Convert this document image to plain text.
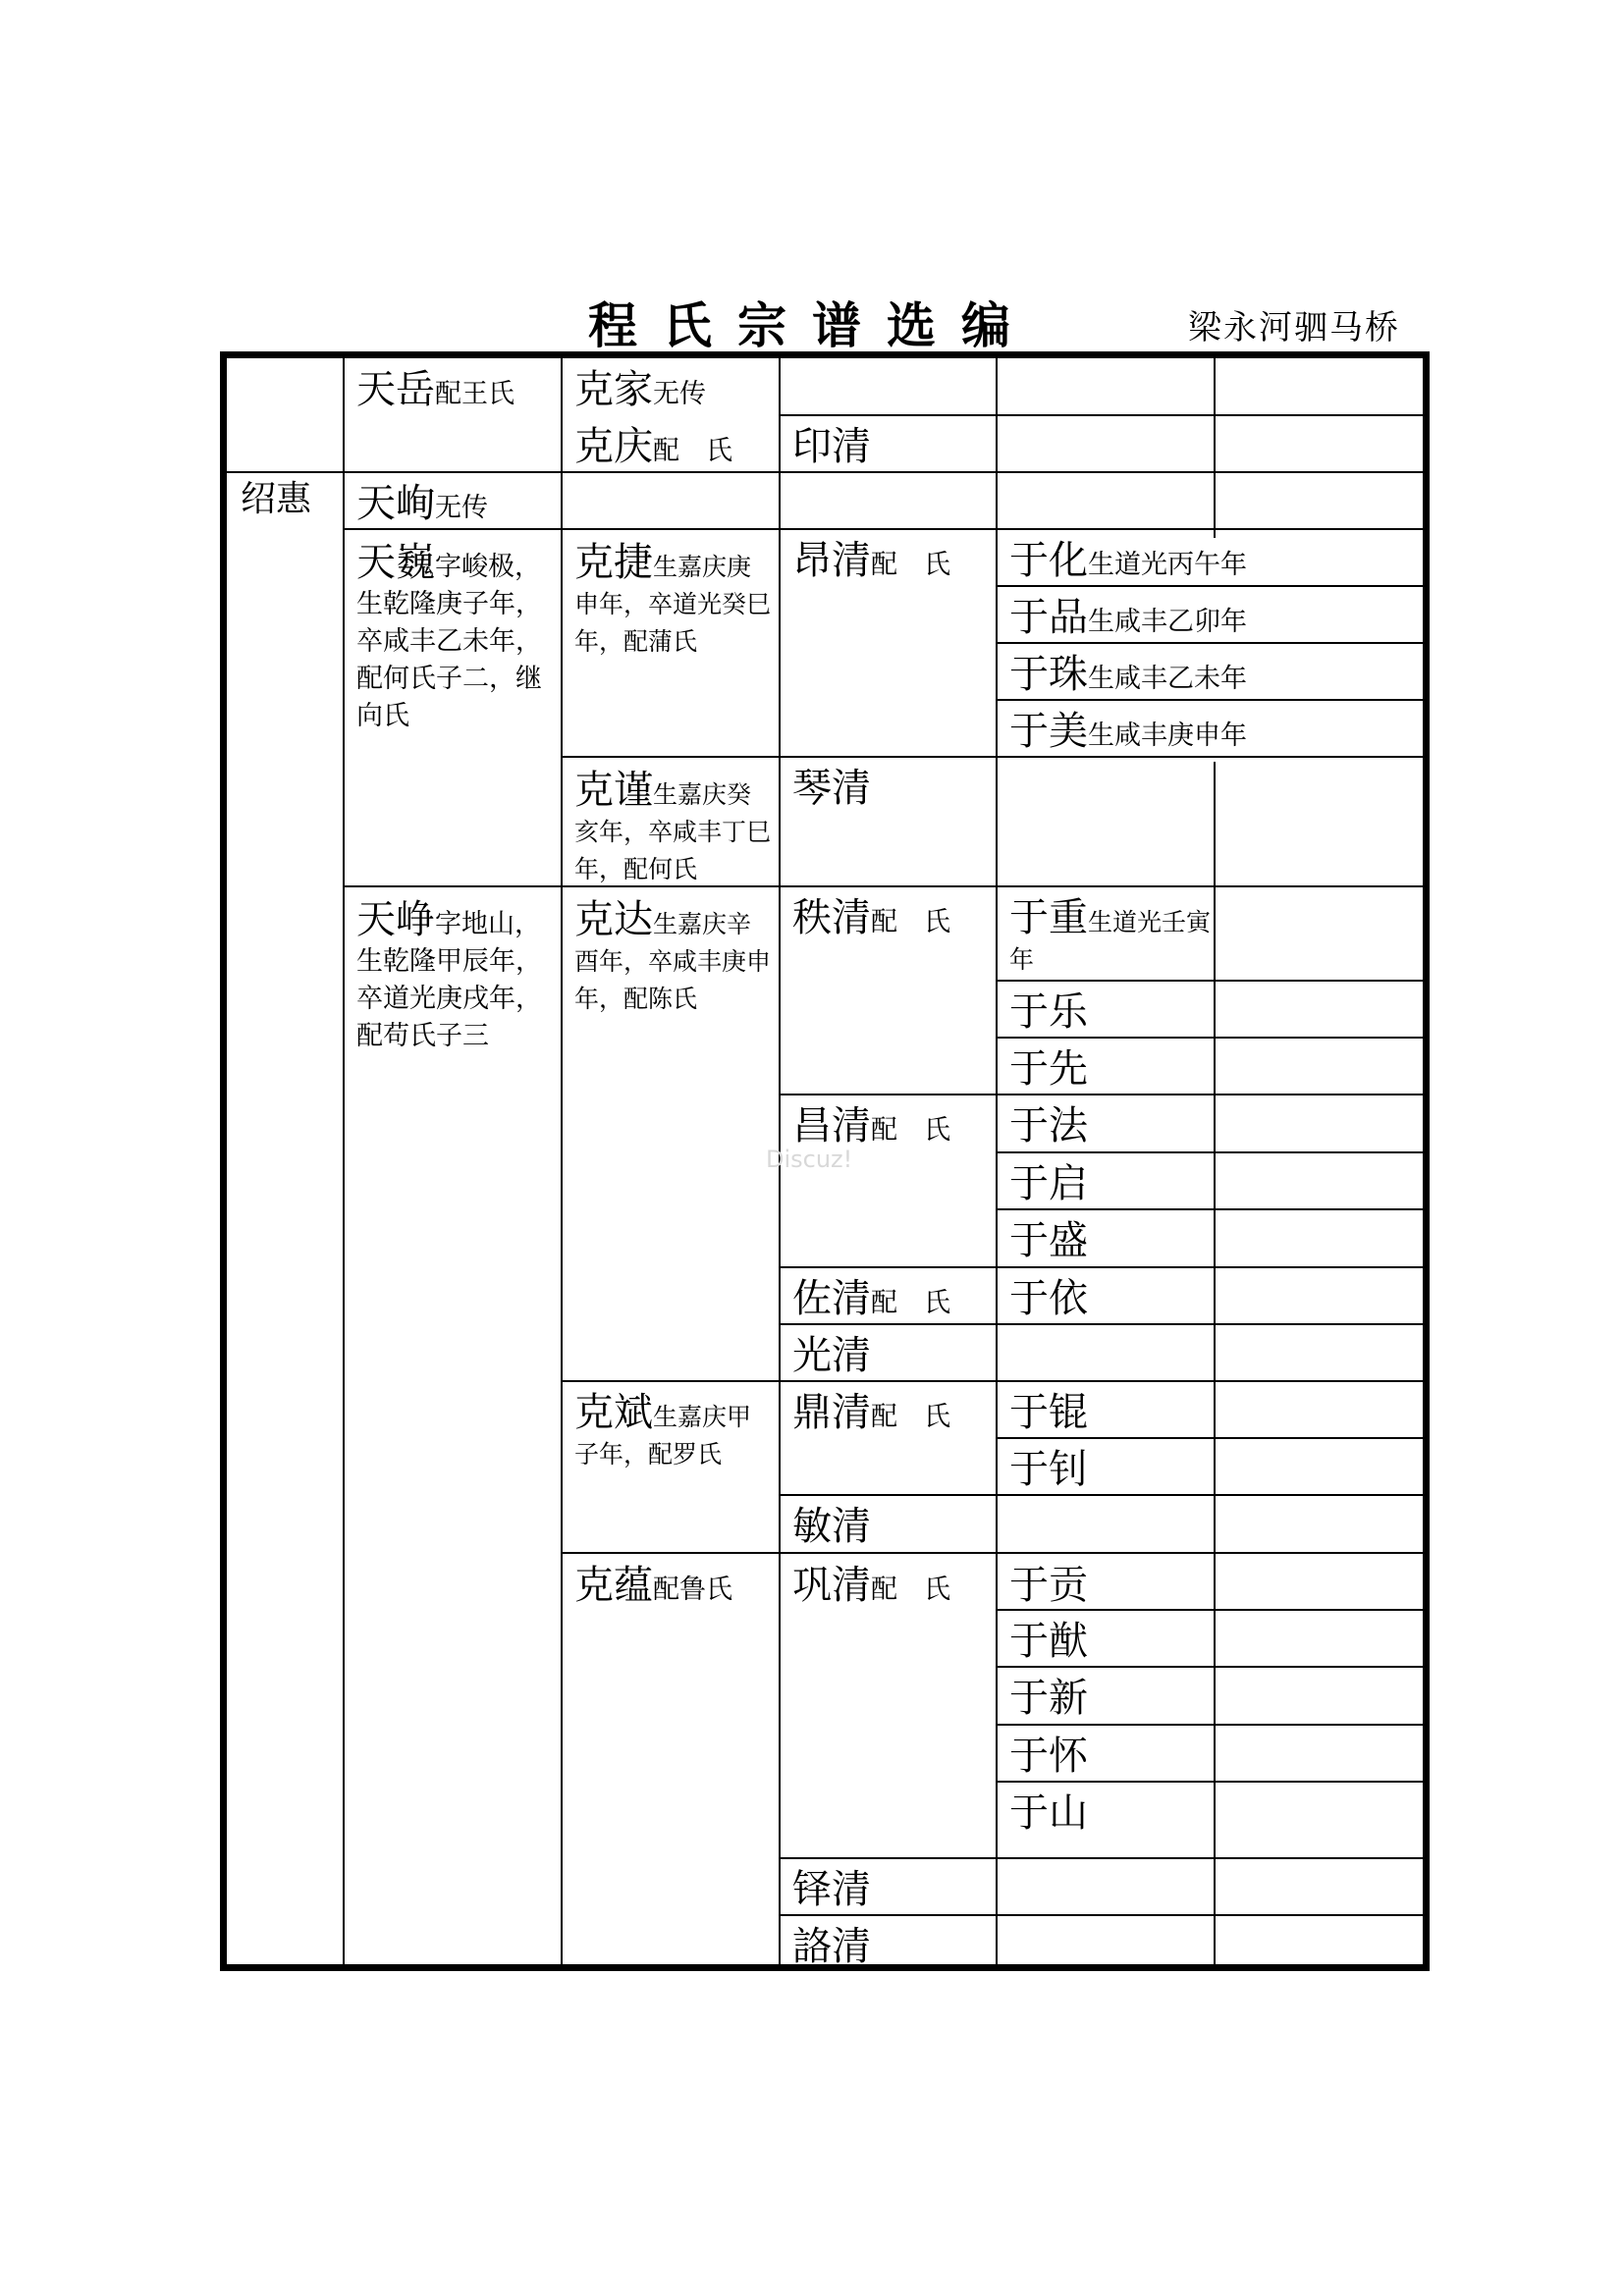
程氏宗谱选编	梁永河驷马桥
绍惠
天岳配王氏
天峋无传
天巍字峻极，生乾隆庚子年，卒咸丰乙未年，配何氏子二，继向氏
天峥字地山，生乾隆甲辰年，卒道光庚戌年，配苟氏子三
克家无传
克庆配　氏
克捷生嘉庆庚申年，卒道光癸巳年，配蒲氏
克谨生嘉庆癸亥年，卒咸丰丁巳年，配何氏
克达生嘉庆辛酉年，卒咸丰庚申年，配陈氏
克斌生嘉庆甲子年，配罗氏
克蕴配鲁氏
印清
昂清配　氏
琴清
秩清配　氏
昌清配　氏
佐清配　氏
光清
鼎清配　氏
敏清
巩清配　氏
铎清
詻清
于化生道光丙午年
于品生咸丰乙卯年
于珠生咸丰乙未年
于美生咸丰庚申年
于重生道光壬寅年
于乐
于先
于法
于启
于盛
于依
于锟
于钊
于贡
于猷
于新
于怀
于山
Discuz!
